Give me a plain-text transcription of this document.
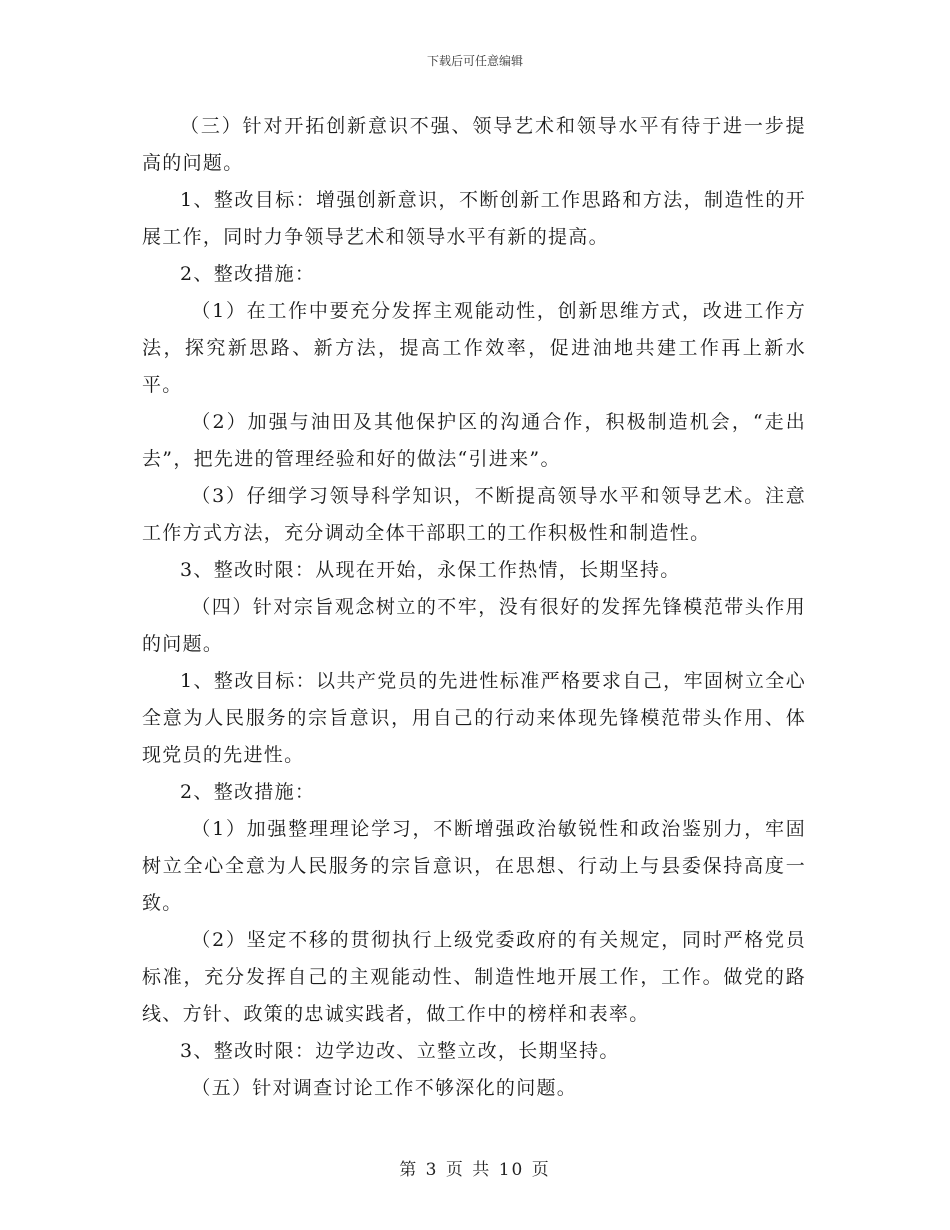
下载后可任意编辑

（三）针对开拓创新意识不强、领导艺术和领导水平有待于进一步提高的问题。

1、整改目标：增强创新意识，不断创新工作思路和方法，制造性的开展工作，同时力争领导艺术和领导水平有新的提高。

2、整改措施：

（1）在工作中要充分发挥主观能动性，创新思维方式，改进工作方法，探究新思路、新方法，提高工作效率，促进油地共建工作再上新水平。

（2）加强与油田及其他保护区的沟通合作，积极制造机会，“走出去”，把先进的管理经验和好的做法“引进来”。

（3）仔细学习领导科学知识，不断提高领导水平和领导艺术。注意工作方式方法，充分调动全体干部职工的工作积极性和制造性。

3、整改时限：从现在开始，永保工作热情，长期坚持。

（四）针对宗旨观念树立的不牢，没有很好的发挥先锋模范带头作用的问题。

1、整改目标：以共产党员的先进性标准严格要求自己，牢固树立全心全意为人民服务的宗旨意识，用自己的行动来体现先锋模范带头作用、体现党员的先进性。

2、整改措施：

（1）加强整理理论学习，不断增强政治敏锐性和政治鉴别力，牢固树立全心全意为人民服务的宗旨意识，在思想、行动上与县委保持高度一致。

（2）坚定不移的贯彻执行上级党委政府的有关规定，同时严格党员标准，充分发挥自己的主观能动性、制造性地开展工作，工作。做党的路线、方针、政策的忠诚实践者，做工作中的榜样和表率。

3、整改时限：边学边改、立整立改，长期坚持。

（五）针对调查讨论工作不够深化的问题。

第 3 页 共 10 页
